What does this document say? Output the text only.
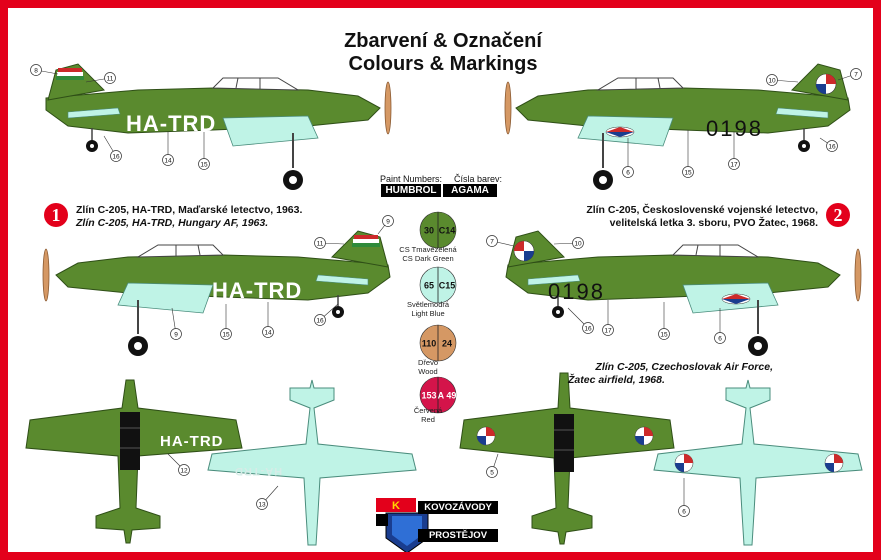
30 C14
65 C15
110 24
153 A 49
8
11
16
14
15
10
7
6	15
17
16
11
9
9	15	14
16
7	10
16 17
15
6
12
13
5
6
K
Zbarvení & Označení
Colours & Markings
Paint Numbers: Čísla barev:
HUMBROL	AGAMA
CS Tmavězelená
CS Dark Green
Světlemodrá
Light Blue
Dřevo
Wood
Červená
Red
1	2
Zlín C-205, HA-TRD, Maďarské letectvo, 1963.
Zlín C-205, HA-TRD, Hungary AF, 1963.
Zlín C-205, Československé vojenské letectvo,
velitelská letka 3. sboru, PVO Žatec, 1968.
Zlín C-205, Czechoslovak Air Force,
Žatec airfield, 1968.
HA-TRD
HA-TRD
HA-TRD
HA-TRD
0198
0198
KOVOZÁVODY
PROSTĚJOV
